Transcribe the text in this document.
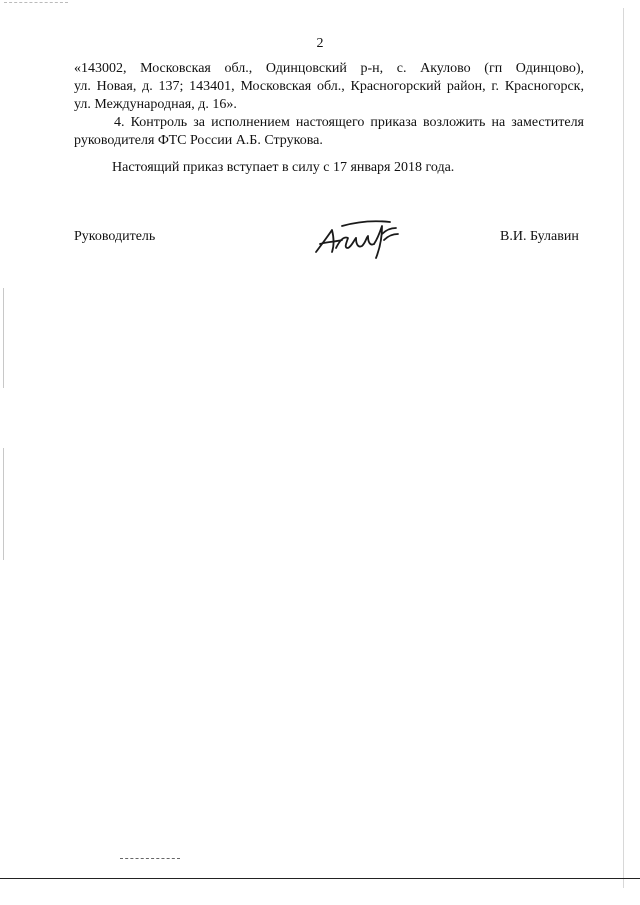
2
«143002, Московская обл., Одинцовский р-н, с. Акулово (гп Одинцово),
ул. Новая, д. 137; 143401, Московская обл., Красногорский район, г. Красногорск,
ул. Международная, д. 16».
4. Контроль за исполнением настоящего приказа возложить на заместителя
руководителя ФТС России А.Б. Струкова.
Настоящий приказ вступает в силу с 17 января 2018 года.
Руководитель	В.И. Булавин
